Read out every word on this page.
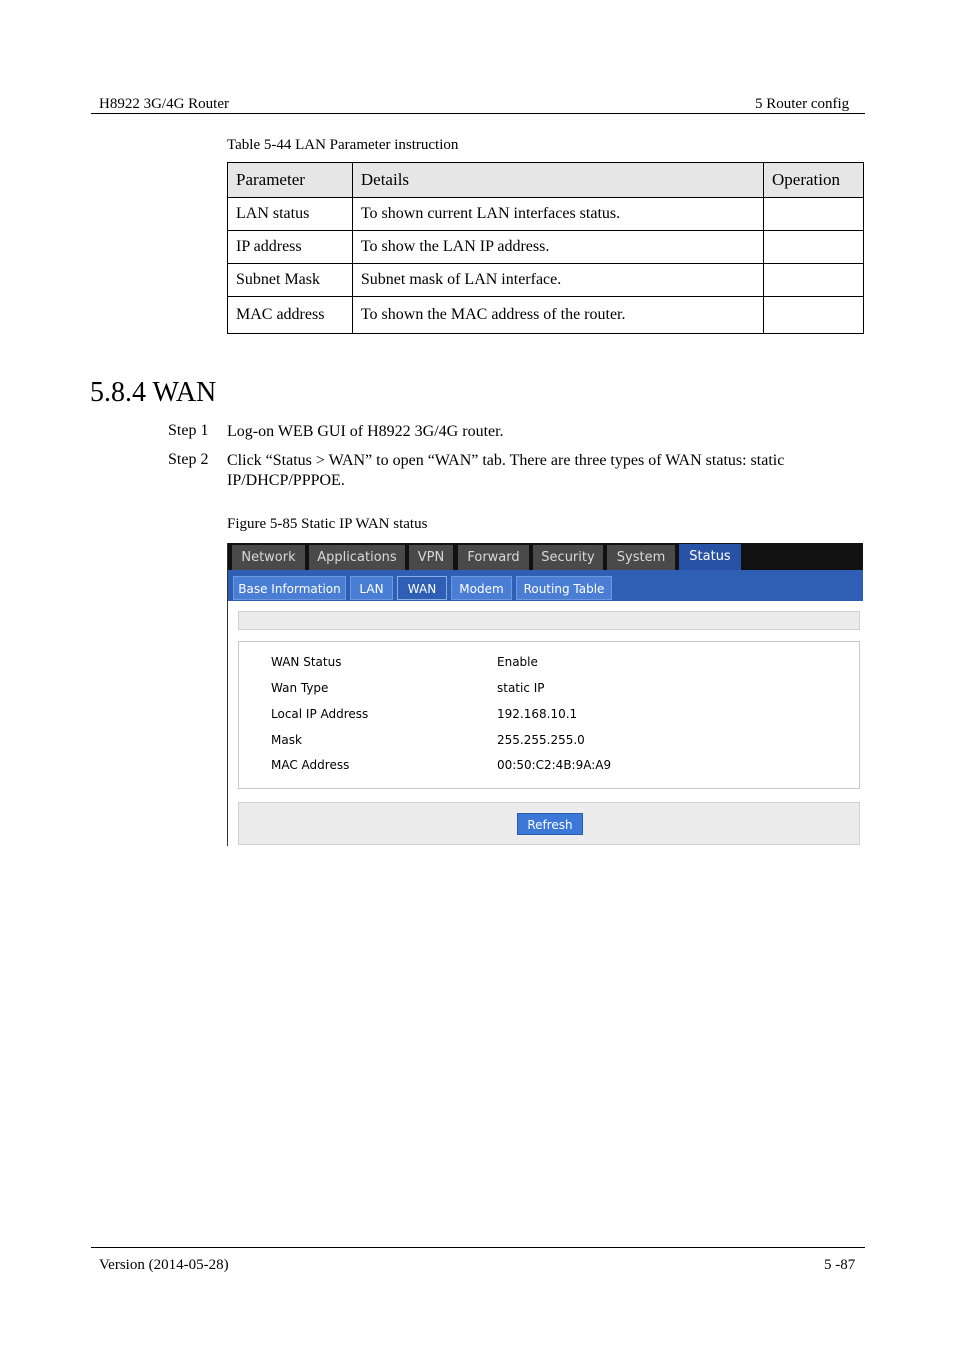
H8922 3G/4G Router	5 Router config
Table 5-44 LAN Parameter instruction
Parameter	Details	Operation
LAN status	To shown current LAN interfaces status.	
IP address	To show the LAN IP address.	
Subnet Mask	Subnet mask of LAN interface.	
MAC address	To shown the MAC address of the router.	
5.8.4 WAN
Step 1 Log-on WEB GUI of H8922 3G/4G router.
Step 2 Click “Status > WAN” to open “WAN” tab. There are three types of WAN status: static IP/DHCP/PPPOE.
Figure 5-85 Static IP WAN status
Network	Applications	VPN	Forward	Security	System	Status
Base Information	LAN	WAN	Modem	Routing Table
WAN Status	Enable
Wan Type	static IP
Local IP Address	192.168.10.1
Mask	255.255.255.0
MAC Address	00:50:C2:4B:9A:A9
Refresh
Version (2014-05-28)	5 -87
